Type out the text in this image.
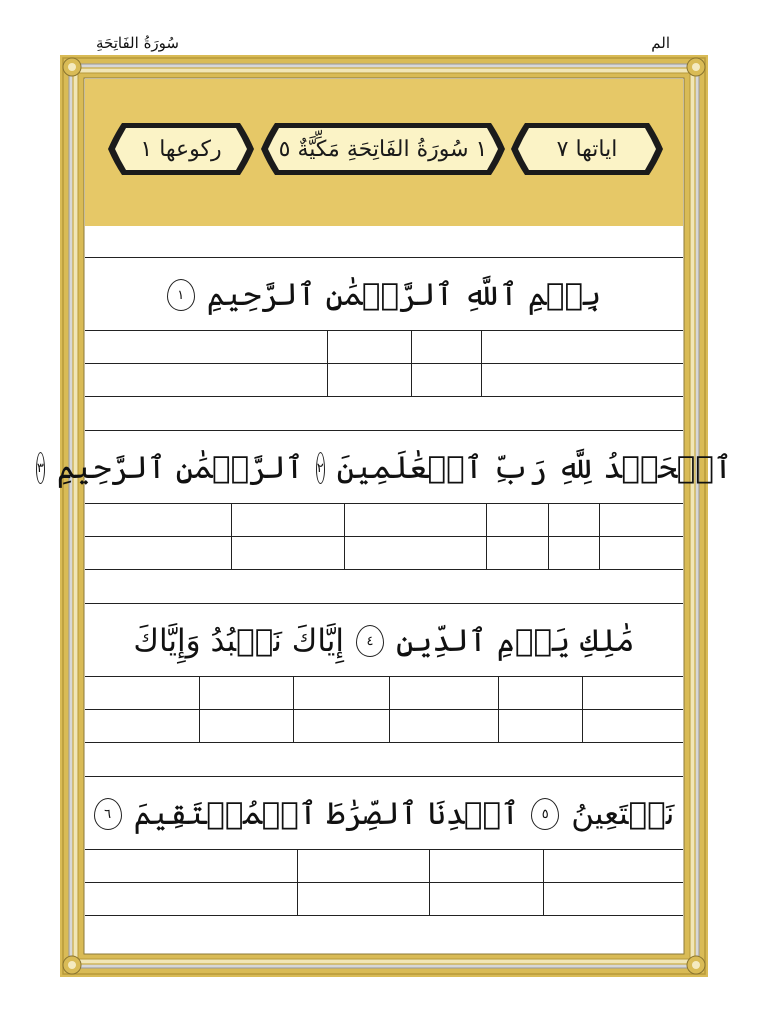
سُورَةُ الفَاتِحَةِ	الم
رکوعها ۱	١ سُورَةُ الفَاتِحَةِ مَكِّيَّةٌ ٥	ایاتها ۷
بِسۡمِ ٱللَّهِ ٱلرَّحۡمَٰنِ ٱلرَّحِيمِ
١
ٱلۡحَمۡدُ لِلَّهِ رَبِّ ٱلۡعَٰلَمِينَ
٢
ٱلرَّحۡمَٰنِ ٱلرَّحِيمِ
٣
مَٰلِكِ يَوۡمِ ٱلدِّينِ
٤
إِيَّاكَ نَعۡبُدُ وَإِيَّاكَ
نَسۡتَعِينُ
٥
ٱهۡدِنَا ٱلصِّرَٰطَ ٱلۡمُسۡتَقِيمَ
٦
